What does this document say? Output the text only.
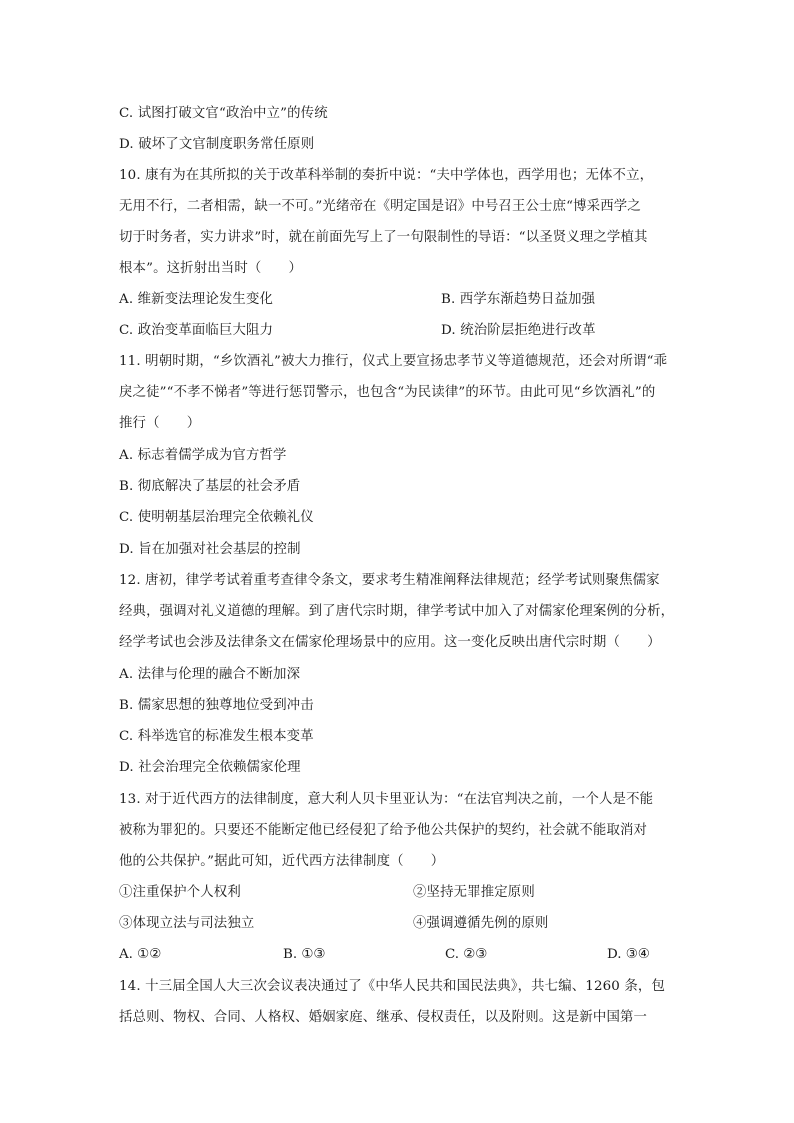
C. 试图打破文官“政治中立”的传统
D. 破坏了文官制度职务常任原则
10. 康有为在其所拟的关于改革科举制的奏折中说：“夫中学体也，西学用也；无体不立，
无用不行，二者相需，缺一不可。”光绪帝在《明定国是诏》中号召王公士庶“博采西学之
切于时务者，实力讲求”时，就在前面先写上了一句限制性的导语：“以圣贤义理之学植其
根本”。这折射出当时（　　）
A. 维新变法理论发生变化	B. 西学东渐趋势日益加强
C. 政治变革面临巨大阻力	D. 统治阶层拒绝进行改革
11. 明朝时期，“乡饮酒礼”被大力推行，仪式上要宣扬忠孝节义等道德规范，还会对所谓“乖
戾之徒”“不孝不悌者”等进行惩罚警示，也包含“为民读律”的环节。由此可见“乡饮酒礼”的
推行（　　）
A. 标志着儒学成为官方哲学
B. 彻底解决了基层的社会矛盾
C. 使明朝基层治理完全依赖礼仪
D. 旨在加强对社会基层的控制
12. 唐初，律学考试着重考查律令条文，要求考生精准阐释法律规范；经学考试则聚焦儒家
经典，强调对礼义道德的理解。到了唐代宗时期，律学考试中加入了对儒家伦理案例的分析，
经学考试也会涉及法律条文在儒家伦理场景中的应用。这一变化反映出唐代宗时期（　　）
A. 法律与伦理的融合不断加深
B. 儒家思想的独尊地位受到冲击
C. 科举选官的标准发生根本变革
D. 社会治理完全依赖儒家伦理
13. 对于近代西方的法律制度，意大利人贝卡里亚认为：“在法官判决之前，一个人是不能
被称为罪犯的。只要还不能断定他已经侵犯了给予他公共保护的契约，社会就不能取消对
他的公共保护。”据此可知，近代西方法律制度（　　）
①注重保护个人权利	②坚持无罪推定原则
③体现立法与司法独立	④强调遵循先例的原则
A. ①②	B. ①③	C. ②③	D. ③④
14. 十三届全国人大三次会议表决通过了《中华人民共和国民法典》，共七编、1260 条，包
括总则、物权、合同、人格权、婚姻家庭、继承、侵权责任，以及附则。这是新中国第一
